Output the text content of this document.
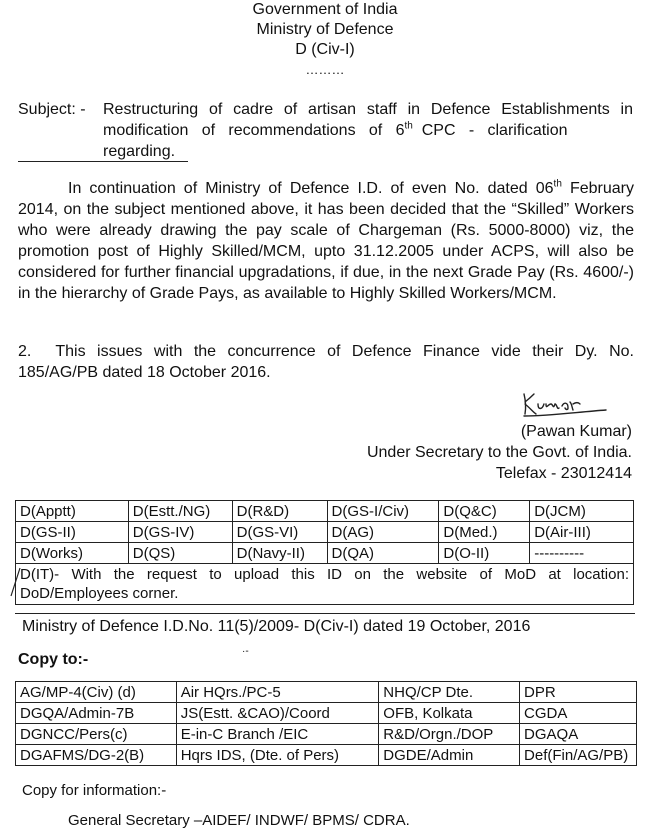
Government of India
Ministry of Defence
D (Civ-I)
………
Subject: - Restructuring of cadre of artisan staff in Defence Establishments in
modification   of   recommendations   of   6th  CPC   -   clarification
regarding.
In continuation of Ministry of Defence I.D. of even No. dated 06th February 2014, on the subject mentioned above, it has been decided that the “Skilled” Workers who were already drawing the pay scale of Chargeman (Rs. 5000-8000) viz, the promotion post of Highly Skilled/MCM, upto 31.12.2005 under ACPS, will also be considered for further financial upgradations, if due, in the next Grade Pay (Rs. 4600/-) in the hierarchy of Grade Pays, as available to Highly Skilled Workers/MCM.
2. This issues with the concurrence of Defence Finance vide their Dy. No. 185/AG/PB dated 18 October 2016.
(Pawan Kumar)
Under Secretary to the Govt. of India.
Telefax - 23012414
D(Apptt)	D(Estt./NG)	D(R&D)	D(GS-I/Civ)	D(Q&C)	D(JCM)
D(GS-II)	D(GS-IV)	D(GS-VI)	D(AG)	D(Med.)	D(Air-III)
D(Works)	D(QS)	D(Navy-II)	D(QA)	D(O-II)	----------

D(IT)- With the request to upload this ID on the website of MoD at location:
DoD/Employees corner.					
Ministry of Defence I.D.No. 11(5)/2009- D(Civ-I) dated 19 October, 2016
Copy to:-	·-
AG/MP-4(Civ) (d)	Air HQrs./PC-5	NHQ/CP Dte.	DPR
DGQA/Admin-7B	JS(Estt. &CAO)/Coord	OFB, Kolkata	CGDA
DGNCC/Pers(c)	E-in-C Branch /EIC	R&D/Orgn./DOP	DGAQA
DGAFMS/DG-2(B)	Hqrs IDS, (Dte. of Pers)	DGDE/Admin	Def(Fin/AG/PB)
Copy for information:-
General Secretary –AIDEF/ INDWF/ BPMS/ CDRA.
